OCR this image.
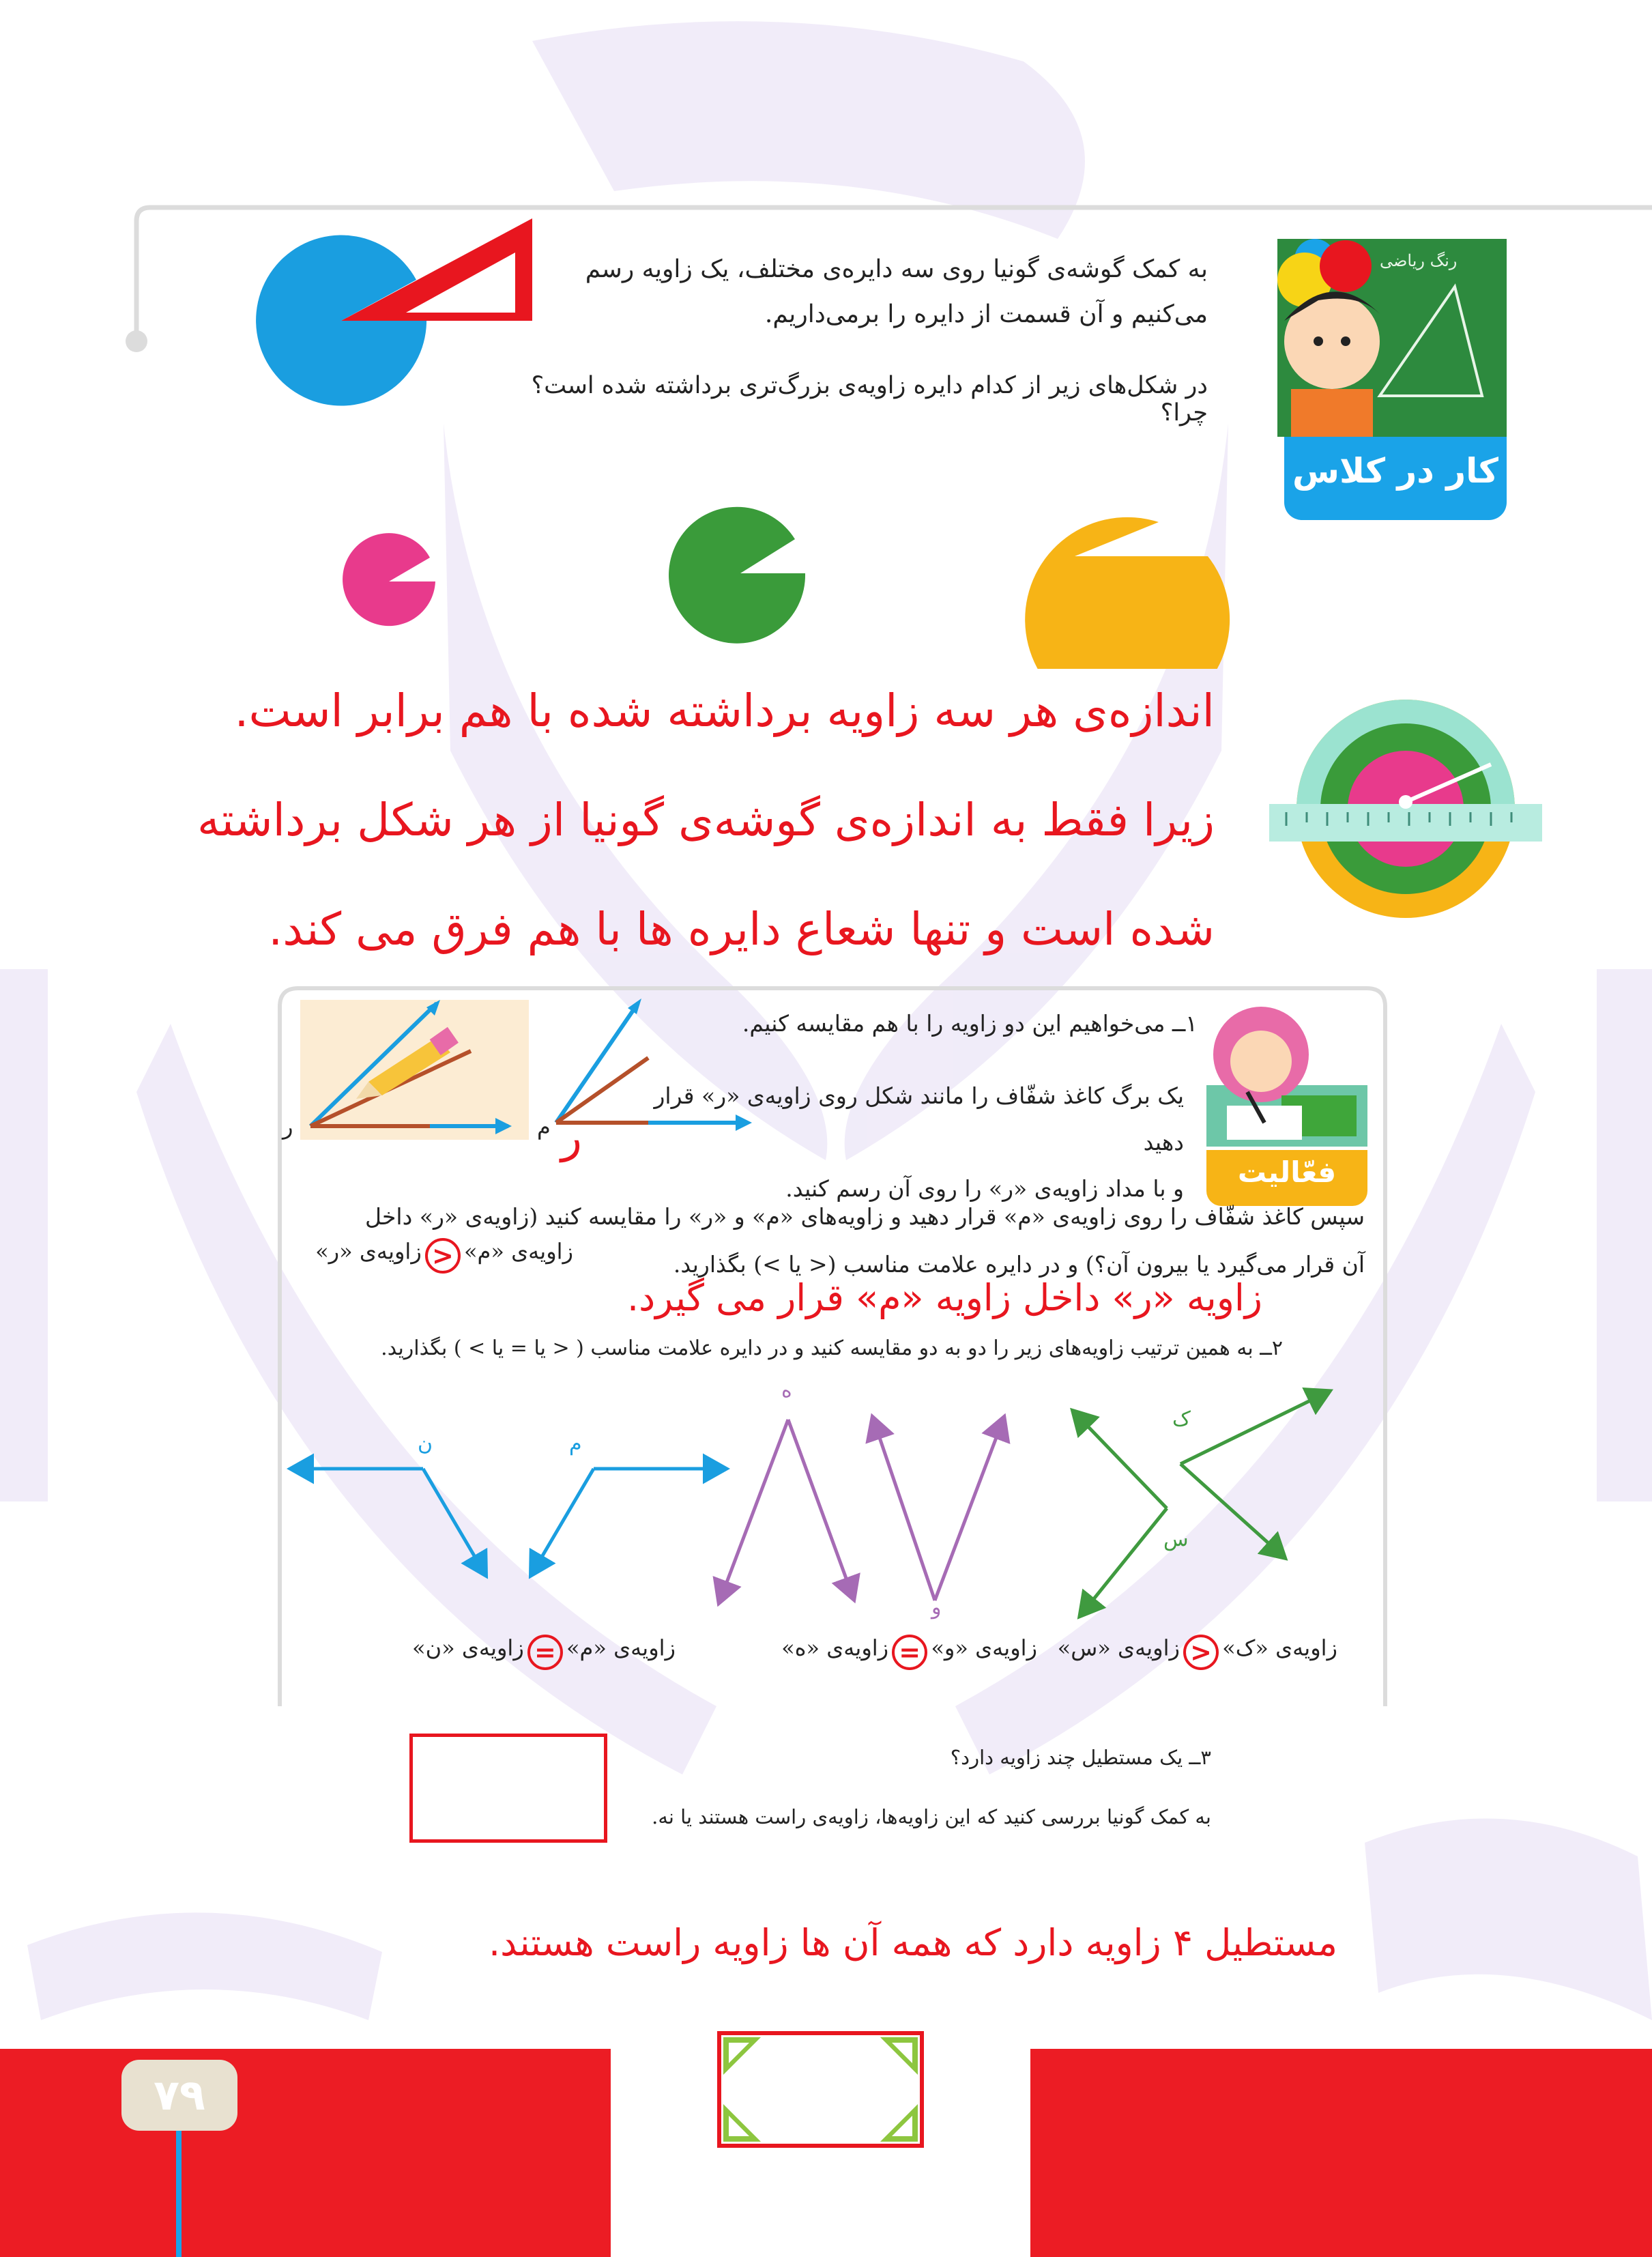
رنگ ریاضی
کار در کلاس
به کمک گوشه‌ی گونیا روی سه دایره‌ی مختلف، یک زاویه رسم
می‌کنیم و آن قسمت از دایره را برمی‌داریم.
در شکل‌های زیر از کدام دایره زاویه‌ی بزرگ‌تری برداشته شده است؟ چرا؟
اندازه‌ی هر سه زاویه برداشته شده با هم برابر است.
زیرا فقط به اندازه‌ی گوشه‌ی گونیا از هر شکل برداشته
شده است و تنها شعاع دایره ها با هم فرق می کند.
فعّالیت
ر	م ر
۱ــ می‌خواهیم این دو زاویه را با هم مقایسه کنیم.
یک برگ کاغذ شفّاف را مانند شکل روی زاویه‌ی «ر» قرار دهید
و با مداد زاویه‌ی «ر» را روی آن رسم کنید.
سپس کاغذ شفّاف را روی زاویه‌ی «م» قرار دهید و زاویه‌های «م» و «ر» را مقایسه کنید (زاویه‌ی «ر» داخل
آن قرار می‌گیرد یا بیرون آن؟) و در دایره علامت مناسب (< یا >) بگذارید.
زاویه‌ی «م» < زاویه‌ی «ر»
زاویه «ر» داخل زاویه «م» قرار می گیرد.
۲ــ به همین ترتیب زاویه‌های زیر را دو به دو مقایسه کنید و در دایره علامت مناسب ( < یا = یا > ) بگذارید.
ن	م
ه
و
ک
س
زاویه‌ی «ک» < زاویه‌ی «س»
زاویه‌ی «و» = زاویه‌ی «ه»
زاویه‌ی «م» = زاویه‌ی «ن»
۳ــ یک مستطیل چند زاویه دارد؟
به کمک گونیا بررسی کنید که این زاویه‌ها، زاویه‌ی راست هستند یا نه.
مستطیل ۴ زاویه دارد که همه آن ها زاویه راست هستند.
۷۹
